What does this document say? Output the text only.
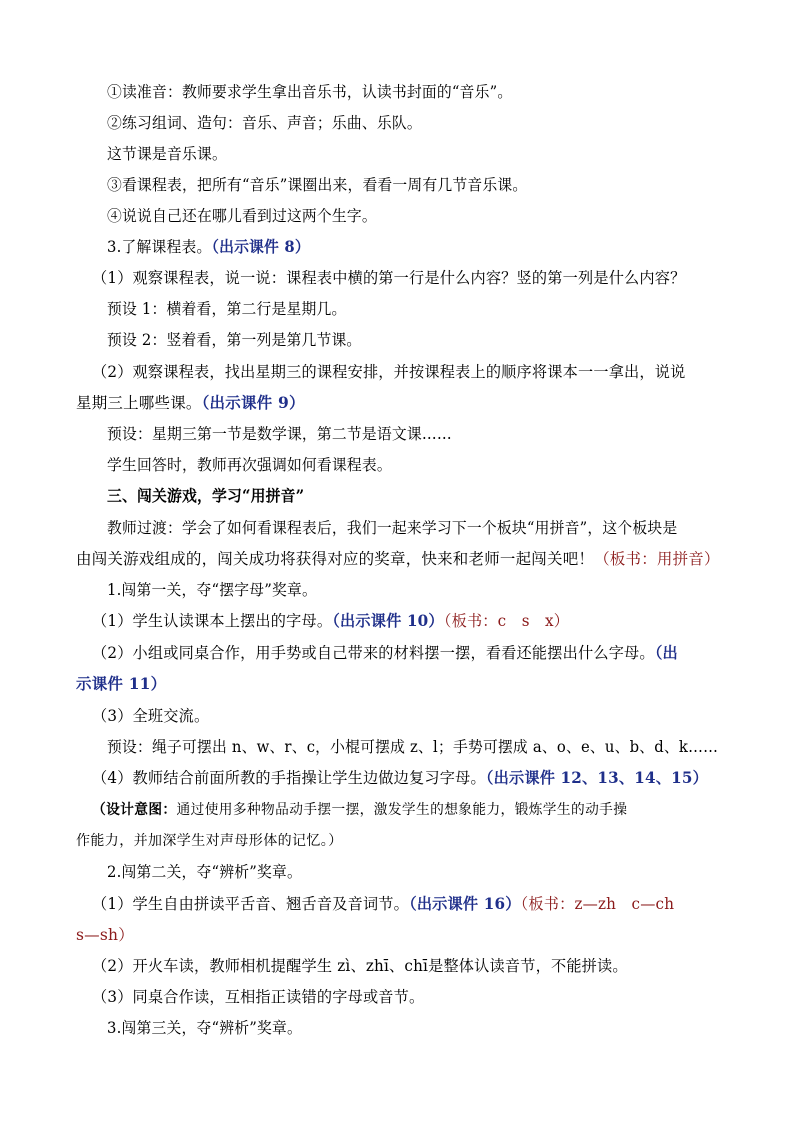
①读准音：教师要求学生拿出音乐书，认读书封面的“音乐”。
②练习组词、造句：音乐、声音；乐曲、乐队。
这节课是音乐课。
③看课程表，把所有“音乐”课圈出来，看看一周有几节音乐课。
④说说自己还在哪儿看到过这两个生字。
3.了解课程表。（出示课件 8）
（1）观察课程表，说一说：课程表中横的第一行是什么内容？竖的第一列是什么内容？
预设 1：横着看，第二行是星期几。
预设 2：竖着看，第一列是第几节课。
（2）观察课程表，找出星期三的课程安排，并按课程表上的顺序将课本一一拿出，说说
星期三上哪些课。（出示课件 9）
预设：星期三第一节是数学课，第二节是语文课……
学生回答时，教师再次强调如何看课程表。
三、闯关游戏，学习“用拼音”
教师过渡：学会了如何看课程表后，我们一起来学习下一个板块“用拼音”，这个板块是
由闯关游戏组成的，闯关成功将获得对应的奖章，快来和老师一起闯关吧！（板书：用拼音）
1.闯第一关，夺“摆字母”奖章。
（1）学生认读课本上摆出的字母。（出示课件 10）（板书：c　s　x）
（2）小组或同桌合作，用手势或自己带来的材料摆一摆，看看还能摆出什么字母。（出
示课件 11）
（3）全班交流。
预设：绳子可摆出 n、w、r、c，小棍可摆成 z、l；手势可摆成 a、o、e、u、b、d、k……
（4）教师结合前面所教的手指操让学生边做边复习字母。（出示课件 12、13、14、15）
（设计意图：通过使用多种物品动手摆一摆，激发学生的想象能力，锻炼学生的动手操
作能力，并加深学生对声母形体的记忆。）
2.闯第二关，夺“辨析”奖章。
（1）学生自由拼读平舌音、翘舌音及音词节。（出示课件 16）（板书：z—zh　c—ch
s—sh）
（2）开火车读，教师相机提醒学生 zì、zhī、chī是整体认读音节，不能拼读。
（3）同桌合作读，互相指正读错的字母或音节。
3.闯第三关，夺“辨析”奖章。
